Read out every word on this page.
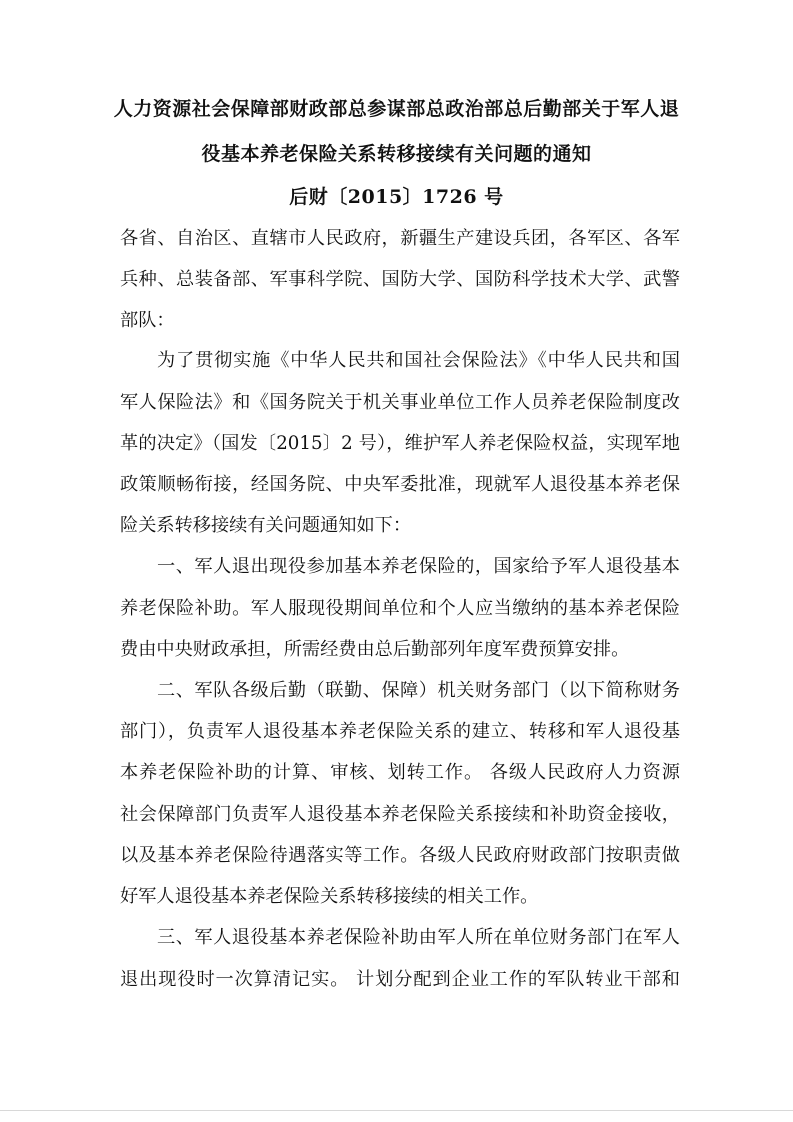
人力资源社会保障部财政部总参谋部总政治部总后勤部关于军人退
役基本养老保险关系转移接续有关问题的通知
后财〔2015〕1726 号
各省、自治区、直辖市人民政府，新疆生产建设兵团，各军区、各军
兵种、总装备部、军事科学院、国防大学、国防科学技术大学、武警
部队：
为了贯彻实施《中华人民共和国社会保险法》《中华人民共和国
军人保险法》和《国务院关于机关事业单位工作人员养老保险制度改
革的决定》（国发〔2015〕2 号），维护军人养老保险权益，实现军地
政策顺畅衔接，经国务院、中央军委批准，现就军人退役基本养老保
险关系转移接续有关问题通知如下：
一、军人退出现役参加基本养老保险的，国家给予军人退役基本
养老保险补助。军人服现役期间单位和个人应当缴纳的基本养老保险
费由中央财政承担，所需经费由总后勤部列年度军费预算安排。
二、军队各级后勤（联勤、保障）机关财务部门（以下简称财务
部门），负责军人退役基本养老保险关系的建立、转移和军人退役基
本养老保险补助的计算、审核、划转工作。 各级人民政府人力资源
社会保障部门负责军人退役基本养老保险关系接续和补助资金接收，
以及基本养老保险待遇落实等工作。各级人民政府财政部门按职责做
好军人退役基本养老保险关系转移接续的相关工作。
三、军人退役基本养老保险补助由军人所在单位财务部门在军人
退出现役时一次算清记实。 计划分配到企业工作的军队转业干部和
